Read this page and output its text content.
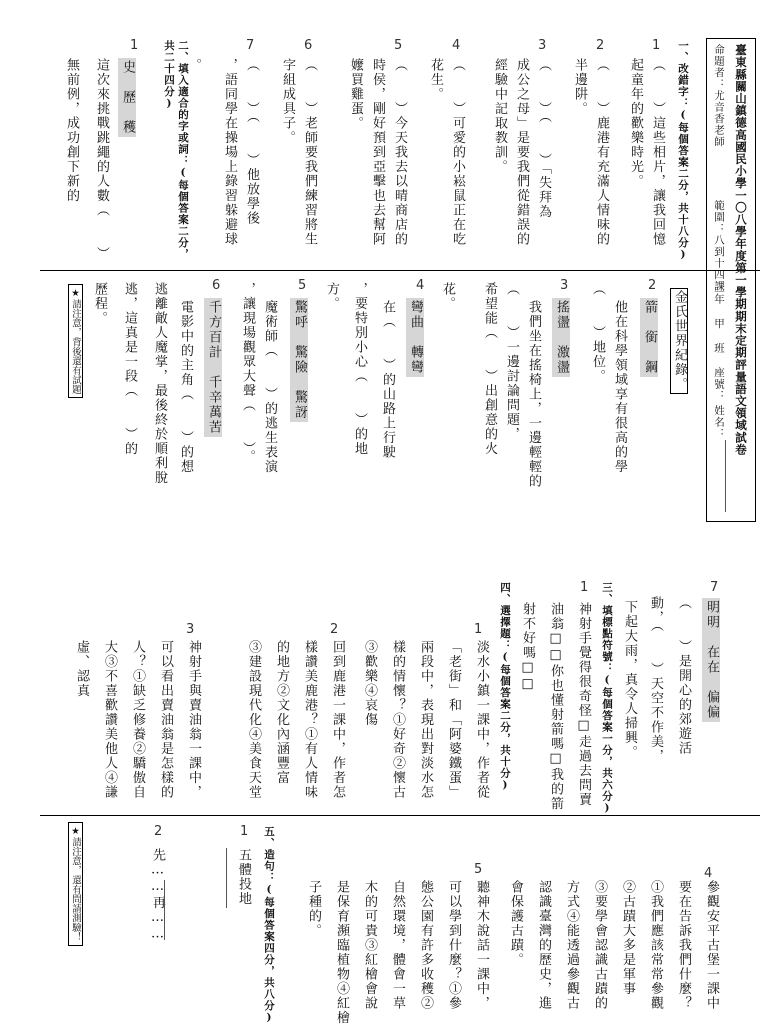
臺東縣關山鎮德高國民小學一〇八學年度第一學期期末定期評量語文領域試卷
命題者：尤音香老師
範圍：八到十四課
三年 甲 班 座號：
姓名：
一、改錯字：(每個答案二分，共十八分)
1
（　　）這些相片，讓我回憶
起童年的歡樂時光。
2
（　　）鹿港有充滿人情味的
半邊阱。
3
（　　）（　　）「失拜為
成公之母」是要我們從錯誤的
經驗中記取教訓。
4
（　　）可愛的小崧鼠正在吃
花生。
5
（　　）今天我去以晴商店的
時侯，剛好預到亞擊也去幫阿
嬤買雞蛋。
6
（　　）老師要我們練習將生
字組成具子。
7
（　　）（　　）他放學後
，語同學在操場上錄習躲避球
二、填入適合的字或詞：(每個答案二分，共二十四分)
1
史　歷　穫	。
這次來挑戰跳繩的人數（　　）
無前例，成功創下新的
2
箭　銜　鋼 金氏世界紀錄。
他在科學領域享有很高的學
（　　）地位。
3
搖盪　激盪
我們坐在搖椅上，一邊輕輕的
（　　）一邊討論問題，
希望能（　　）出創意的火
花。
4
彎曲　轉彎
在（　　）的山路上行駛
，要特別小心（　　）的地
方。
5
驚呼　驚險　驚訝
魔術師（　　）的逃生表演
，讓現場觀眾大聲（　　）。
6
千方百計　千辛萬苦
電影中的主角（　　）的想
逃離敵人魔掌，最後終於順利脫
逃，這真是一段（　　）的
歷程。
★請注意，背後還有試題
7
明明　在在　偏偏
（　　）是開心的郊遊活
動，（　　）天空不作美，
三、填標點符號：(每個答案一分，共六分)
1
下起大雨，真令人掃興。
神射手覺得很奇怪□走過去問賣
油翁□□你也懂射箭嗎□我的箭
射不好嗎□□
四、選擇題：(每個答案二分，共十分)
1
淡水小鎮一課中，作者從
「老街」和「阿婆鐵蛋」
兩段中，表現出對淡水怎
樣的情懷？①好奇②懷古
③歡樂④哀傷
2
回到鹿港一課中，作者怎
樣讚美鹿港？①有人情味
的地方②文化內涵豐富
③建設現代化④美食天堂
3
神射手與賣油翁一課中，
可以看出賣油翁是怎樣的
人？①缺乏修養②驕傲自
大③不喜歡讚美他人④謙
虛、認真
4
參觀安平古堡一課中
要在告訴我們什麼？
①我們應該常常參觀
②古蹟大多是軍事
③要學會認識古蹟的
方式④能透過參觀古
認識臺灣的歷史，進
會保護古蹟。
5
聽神木說話一課中，
可以學到什麼？①參
態公園有許多收穫②
自然環境，體會一草
木的可貴③紅檜會說
是保育瀕臨植物④紅檜
子種的。
五、造句：(每個答案四分，共八分)
1
五體投地
2
先……再……
★請注意，還有問請測驗！
